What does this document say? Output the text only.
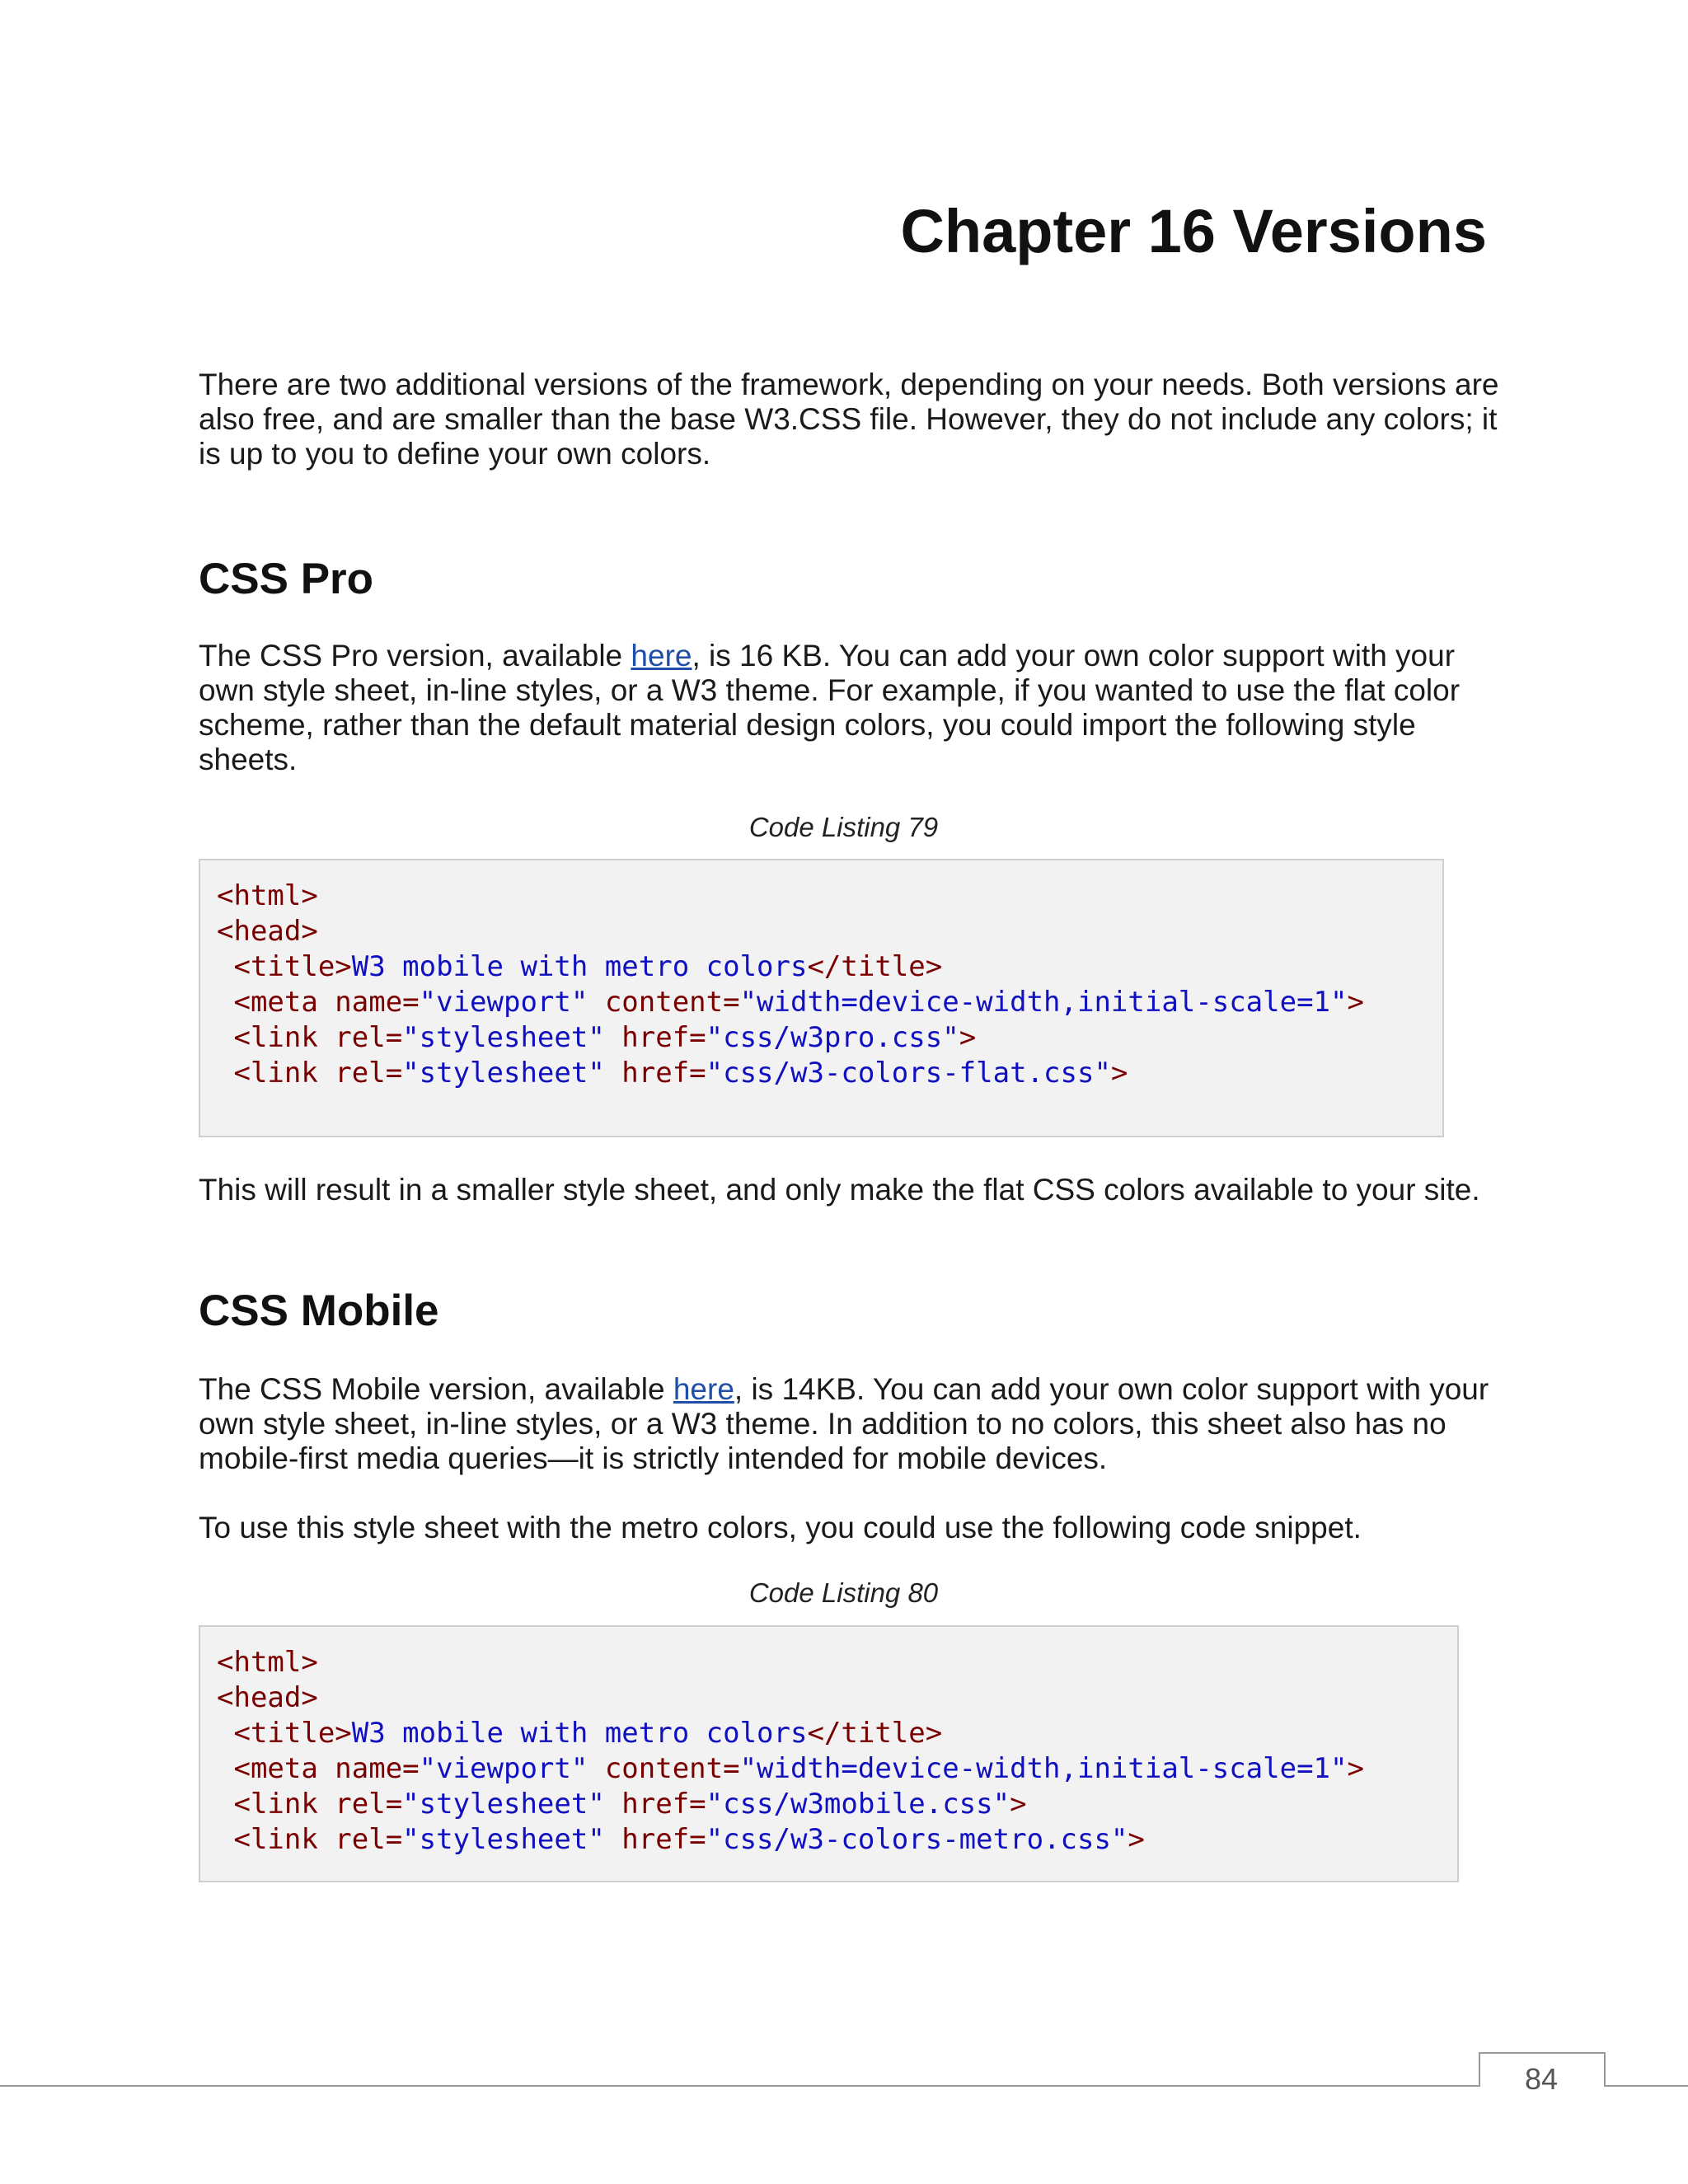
Chapter 16 Versions

There are two additional versions of the framework, depending on your needs. Both versions are also free, and are smaller than the base W3.CSS file. However, they do not include any colors; it is up to you to define your own colors.

CSS Pro

The CSS Pro version, available here, is 16 KB. You can add your own color support with your own style sheet, in-line styles, or a W3 theme. For example, if you wanted to use the flat color scheme, rather than the default material design colors, you could import the following style sheets.

Code Listing 79

<html>
<head>
<title>W3 mobile with metro colors</title>
<meta name="viewport" content="width=device-width,initial-scale=1">
<link rel="stylesheet" href="css/w3pro.css">
<link rel="stylesheet" href="css/w3-colors-flat.css">

This will result in a smaller style sheet, and only make the flat CSS colors available to your site.

CSS Mobile

The CSS Mobile version, available here, is 14KB. You can add your own color support with your own style sheet, in-line styles, or a W3 theme. In addition to no colors, this sheet also has no mobile-first media queries—it is strictly intended for mobile devices.

To use this style sheet with the metro colors, you could use the following code snippet.

Code Listing 80

<html>
<head>
<title>W3 mobile with metro colors</title>
<meta name="viewport" content="width=device-width,initial-scale=1">
<link rel="stylesheet" href="css/w3mobile.css">
<link rel="stylesheet" href="css/w3-colors-metro.css">

84
